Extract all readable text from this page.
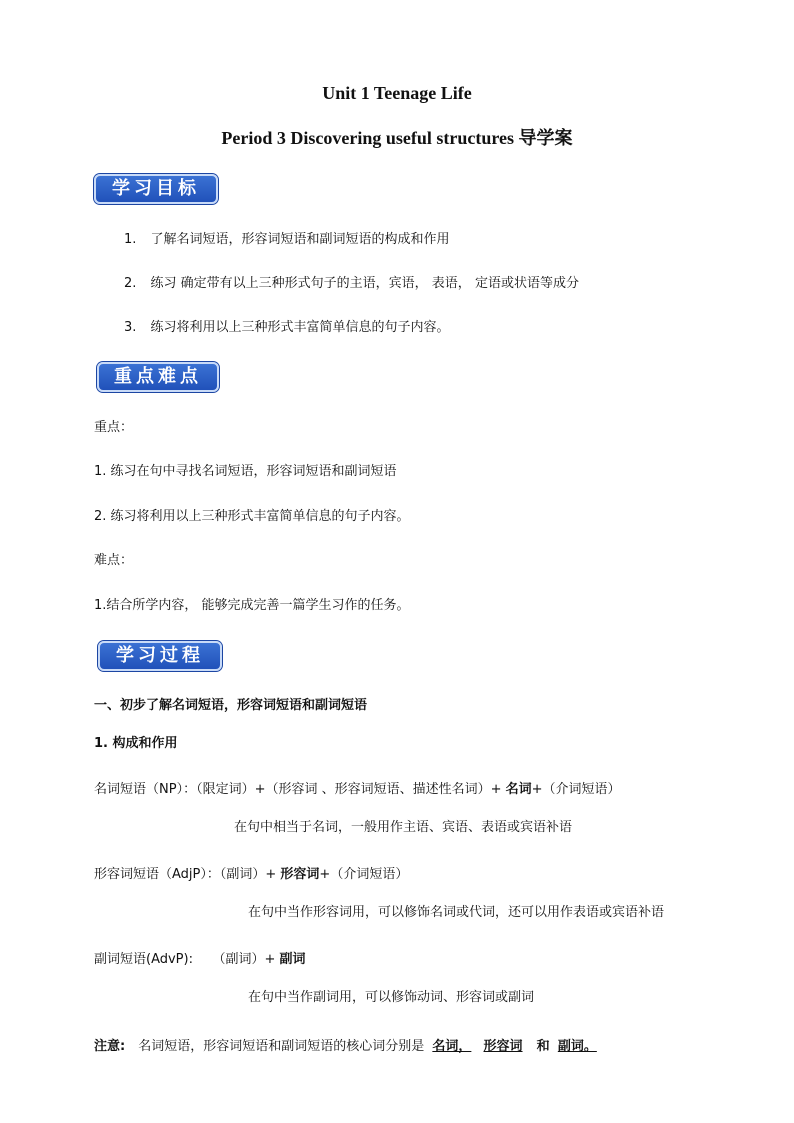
Unit 1 Teenage Life
Period 3 Discovering useful structures 导学案
学习目标
1. 了解名词短语，形容词短语和副词短语的构成和作用
2. 练习 确定带有以上三种形式句子的主语，宾语， 表语， 定语或状语等成分
3. 练习将利用以上三种形式丰富简单信息的句子内容。
重点难点
重点：
1. 练习在句中寻找名词短语，形容词短语和副词短语
2. 练习将利用以上三种形式丰富简单信息的句子内容。
难点：
1.结合所学内容， 能够完成完善一篇学生习作的任务。
学习过程
一、初步了解名词短语，形容词短语和副词短语
1. 构成和作用
名词短语（NP）：（限定词）+（形容词 、形容词短语、描述性名词）+ 名词+（介词短语）
在句中相当于名词，一般用作主语、宾语、表语或宾语补语
形容词短语（AdjP）：（副词）+ 形容词+（介词短语）
在句中当作形容词用，可以修饰名词或代词，还可以用作表语或宾语补语
副词短语(AdvP):　　（副词）+ 副词
在句中当作副词用，可以修饰动词、形容词或副词
注意:　名词短语，形容词短语和副词短语的核心词分别是 名词， 形容词 和 副词。
